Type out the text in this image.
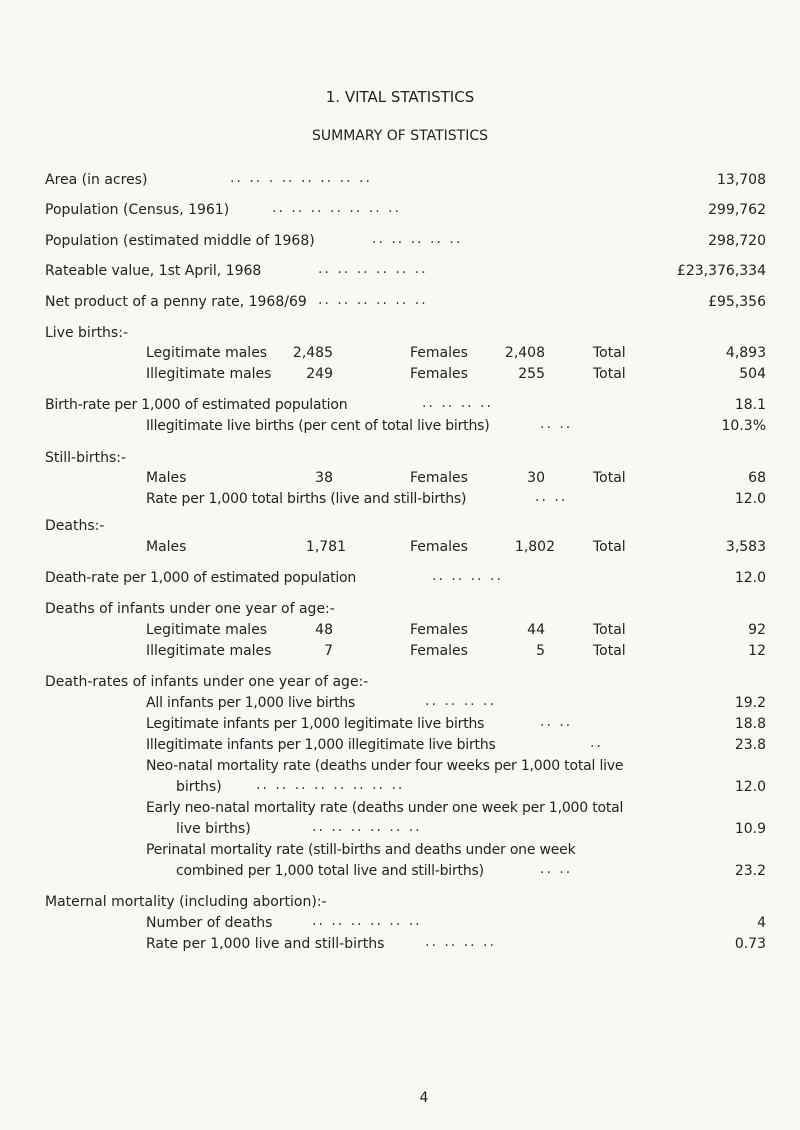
1. VITAL STATISTICS
SUMMARY OF STATISTICS
Area (in acres)	.. .. . .. .. .. .. ..	13,708
Population (Census, 1961)	.. .. .. .. .. .. ..	299,762
Population (estimated middle of 1968)	.. .. .. .. ..	298,720
Rateable value, 1st April, 1968	.. .. .. .. .. ..	£23,376,334
Net product of a penny rate, 1968/69 .. .. .. .. .. ..	£95,356
Live births:-
Legitimate males 2,485	Females	2,408	Total	4,893
Illegitimate males 249	Females	255	Total	504
Birth-rate per 1,000 of estimated population	.. .. .. ..	18.1
Illegitimate live births (per cent of total live births)	.. ..	10.3%
Still-births:-
Males	38	Females	30	Total	68
Rate per 1,000 total births (live and still-births)	.. ..	12.0
Deaths:-
Males	1,781	Females	1,802	Total	3,583
Death-rate per 1,000 of estimated population	.. .. .. ..	12.0
Deaths of infants under one year of age:-
Legitimate males	48	Females	44	Total	92
Illegitimate males	7	Females	5	Total	12
Death-rates of infants under one year of age:-
All infants per 1,000 live births	.. .. .. ..	19.2
Legitimate infants per 1,000 legitimate live births	.. ..	18.8
Illegitimate infants per 1,000 illegitimate live births	..	23.8
Neo-natal mortality rate (deaths under four weeks per 1,000 total live
births) .. .. .. .. .. .. .. ..	12.0
Early neo-natal mortality rate (deaths under one week per 1,000 total
live births)	.. .. .. .. .. ..	10.9
Perinatal mortality rate (still-births and deaths under one week
combined per 1,000 total live and still-births)	.. ..	23.2
Maternal mortality (including abortion):-
Number of deaths	.. .. .. .. .. ..	4
Rate per 1,000 live and still-births	.. .. .. ..	0.73
4
